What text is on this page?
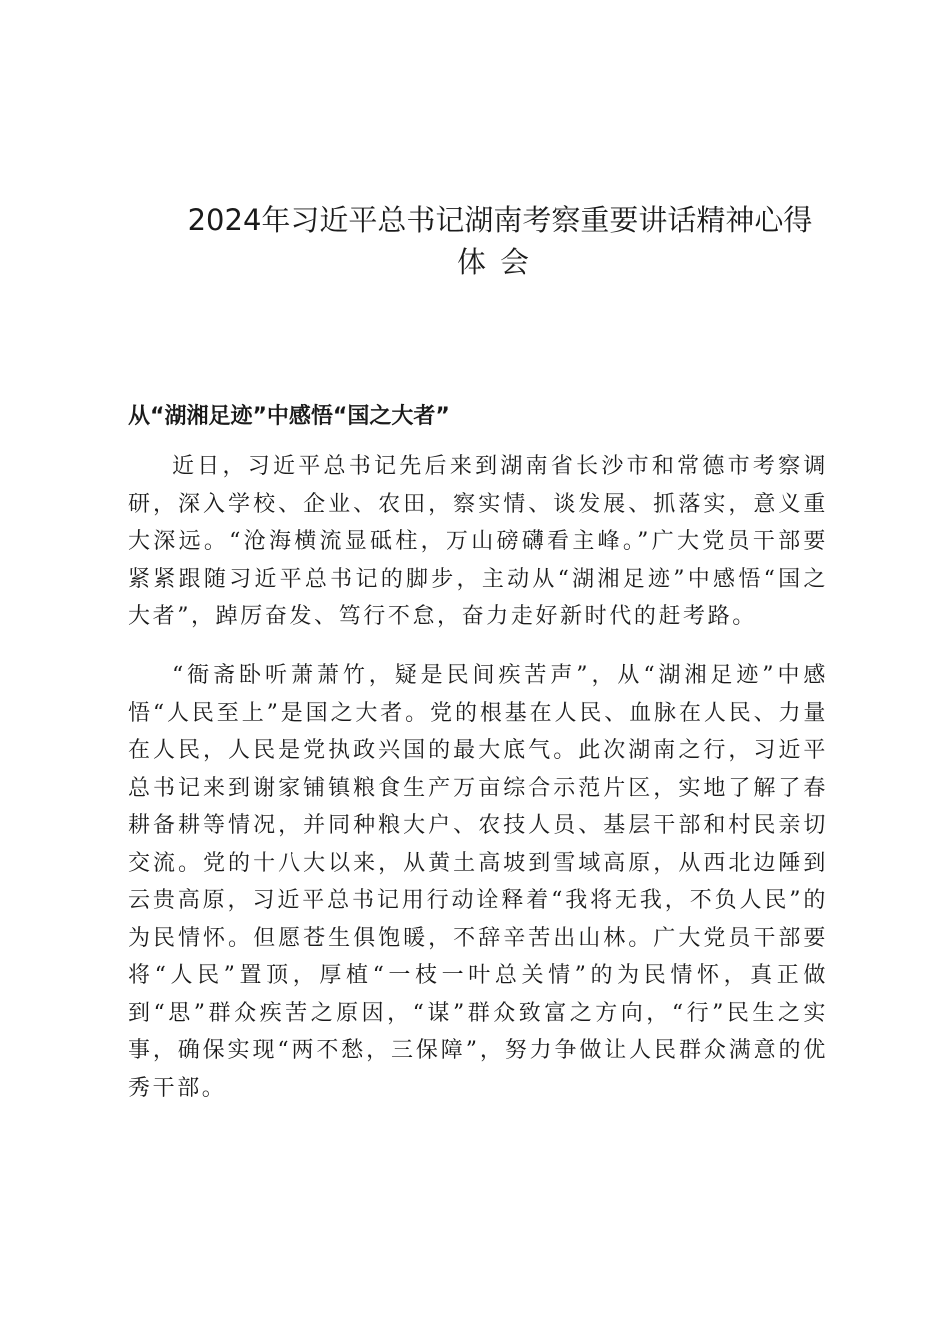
2024年习近平总书记湖南考察重要讲话精神心得
体会
从“湖湘足迹”中感悟“国之大者”

近日，习近平总书记先后来到湖南省长沙市和常德市考察调研，深入学校、企业、农田，察实情、谈发展、抓落实，意义重大深远。“沧海横流显砥柱，万山磅礴看主峰。”广大党员干部要紧紧跟随习近平总书记的脚步，主动从“湖湘足迹”中感悟“国之大者”，踔厉奋发、笃行不怠，奋力走好新时代的赶考路。

“衙斋卧听萧萧竹，疑是民间疾苦声”，从“湖湘足迹”中感悟“人民至上”是国之大者。党的根基在人民、血脉在人民、力量在人民，人民是党执政兴国的最大底气。此次湖南之行，习近平总书记来到谢家铺镇粮食生产万亩综合示范片区，实地了解了春耕备耕等情况，并同种粮大户、农技人员、基层干部和村民亲切交流。党的十八大以来，从黄土高坡到雪域高原，从西北边陲到云贵高原，习近平总书记用行动诠释着“我将无我，不负人民”的为民情怀。但愿苍生俱饱暖，不辞辛苦出山林。广大党员干部要将“人民”置顶，厚植“一枝一叶总关情”的为民情怀，真正做到“思”群众疾苦之原因，“谋”群众致富之方向，“行”民生之实事，确保实现“两不愁，三保障”，努力争做让人民群众满意的优秀干部。
